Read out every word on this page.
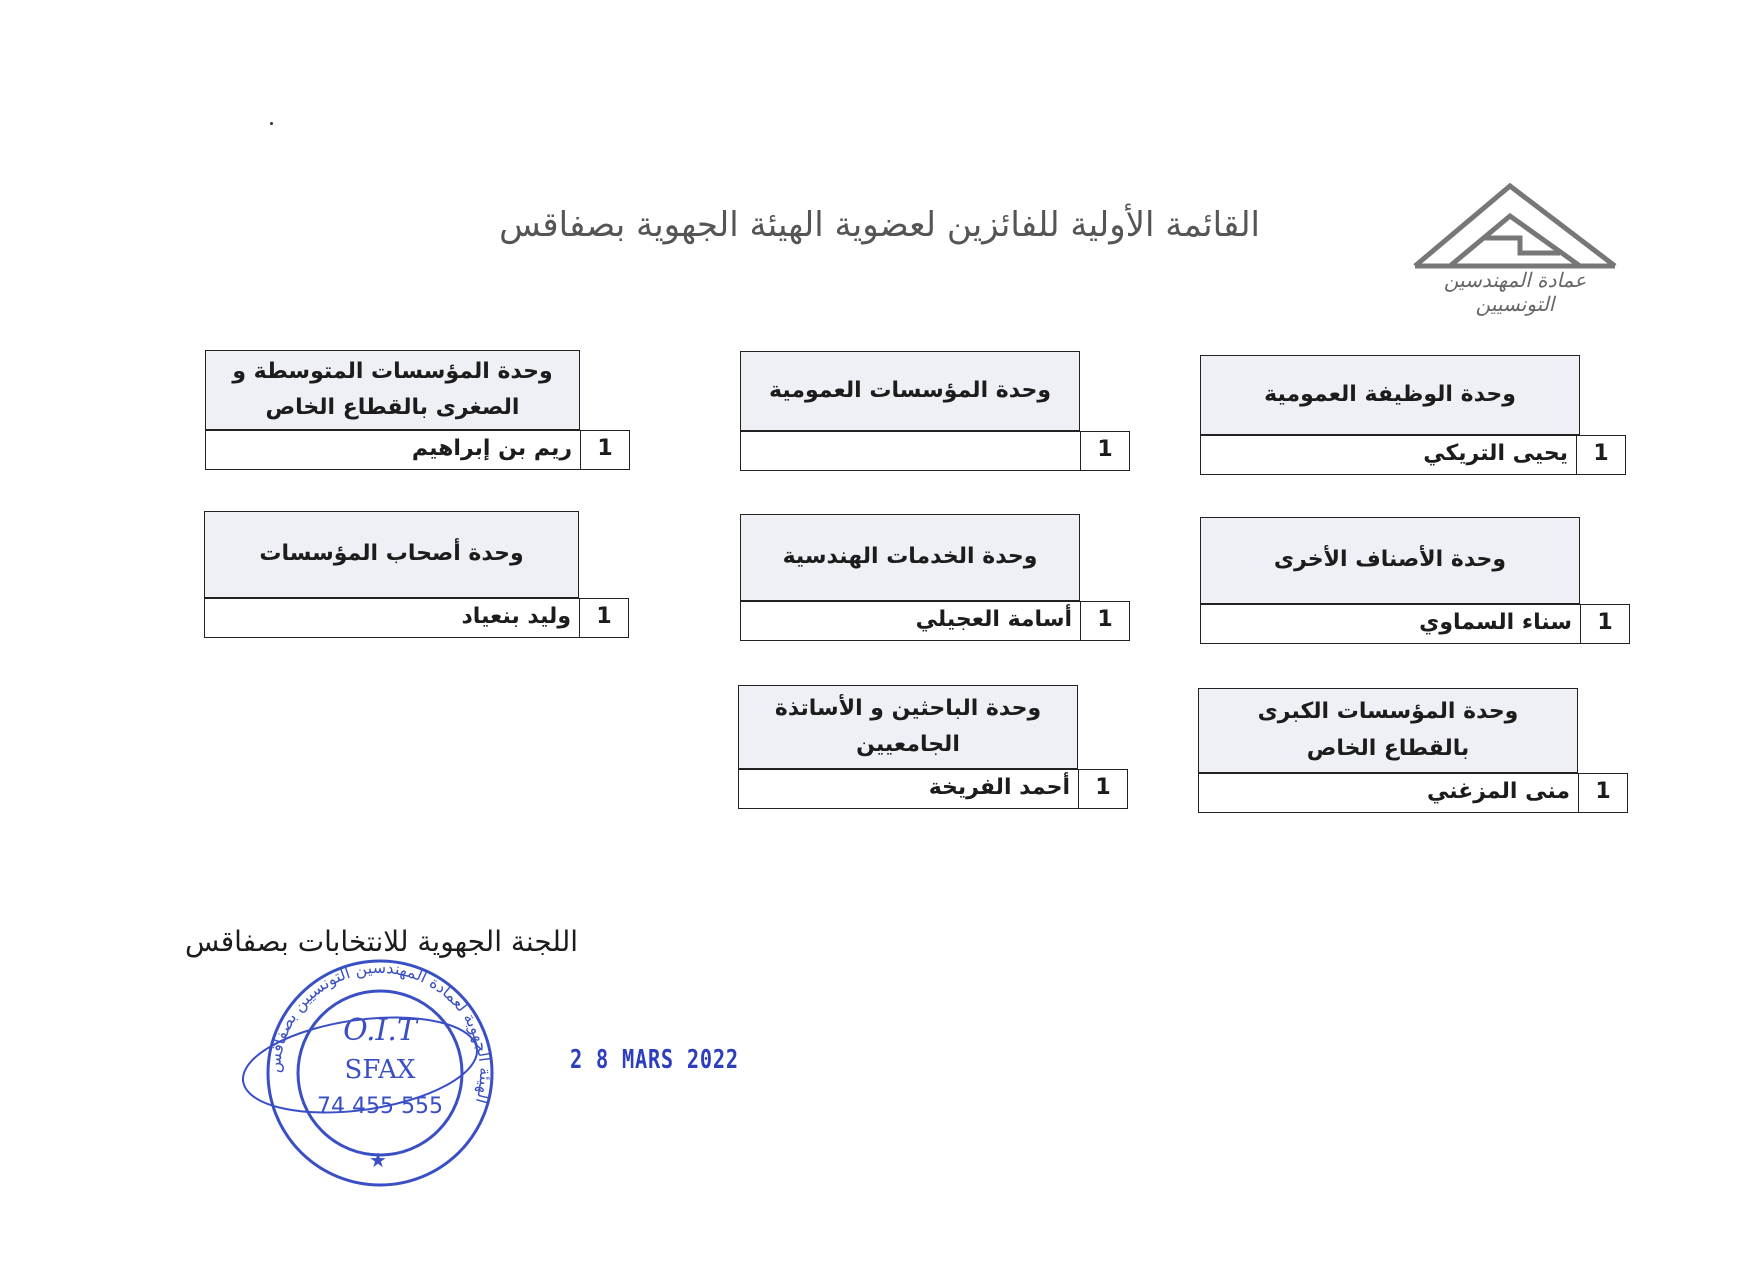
القائمة الأولية للفائزين لعضوية الهيئة الجهوية بصفاقس
عمادة المهندسين التونسيين
وحدة الوظيفة العمومية
يحيى التريكي	1
وحدة المؤسسات العمومية
1
وحدة المؤسسات المتوسطة و الصغرى بالقطاع الخاص
ريم بن إبراهيم	1
وحدة الأصناف الأخرى
سناء السماوي	1
وحدة الخدمات الهندسية
أسامة العجيلي	1
وحدة أصحاب المؤسسات
وليد بنعياد	1
وحدة المؤسسات الكبرى بالقطاع الخاص
منى المزغني	1
وحدة الباحثين و الأساتذة الجامعيين
أحمد الفريخة	1
اللجنة الجهوية للانتخابات بصفاقس
الهيئة الجهوية لعمادة المهندسين التونسيين بصفاقس
O.I.T
SFAX
74 455 555
★
2 8 MARS 2022
